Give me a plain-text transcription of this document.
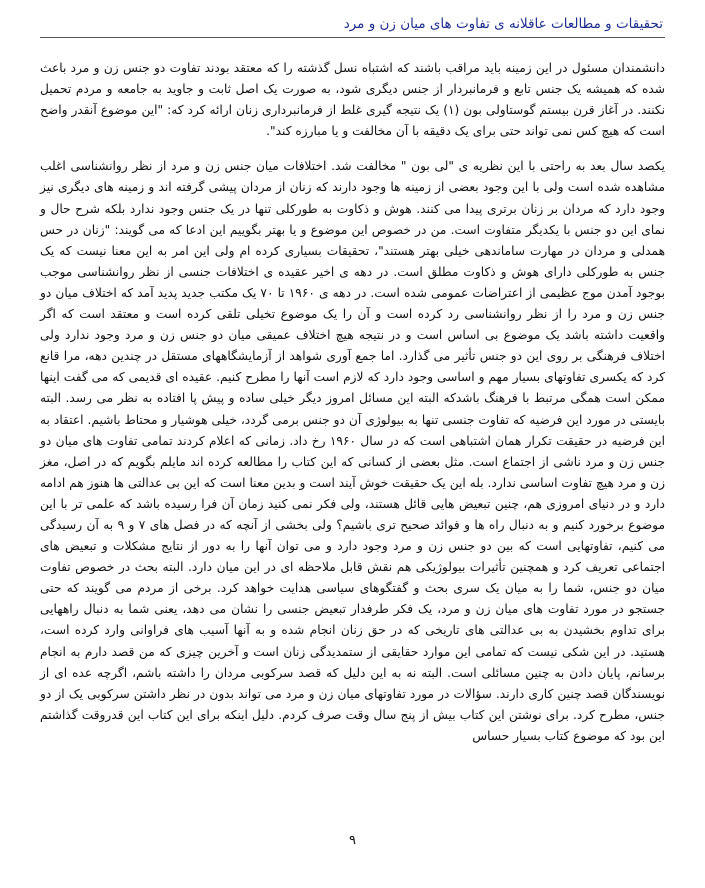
تحقیقات و مطالعات عاقلانه ی تفاوت های میان زن و مرد

دانشمندان مسئول در این زمینه باید مراقب باشند که اشتباه نسل گذشته را که معتقد بودند تفاوت دو جنس زن و مرد باعث شده که همیشه یک جنس تابع و فرمانبردار از جنس دیگری شود، به صورت یک اصل ثابت و جاوید به جامعه و مردم تحمیل نکنند. در آغاز قرن بیستم گوستاولی بون (۱) یک نتیجه گیری غلط از فرمانبرداری زنان ارائه کرد که: "این موضوع آنقدر واضح است که هیچ کس نمی تواند حتی برای یک دقیقه با آن مخالفت و یا مبارزه کند".

یکصد سال بعد به راحتی با این نظریه ی "لی بون " مخالفت شد. اختلافات میان جنس زن و مرد از نظر روانشناسی اغلب مشاهده شده است ولی با این وجود بعضی از زمینه ها وجود دارند که زنان از مردان پیشی گرفته اند و زمینه های دیگری نیز وجود دارد که مردان بر زنان برتری پیدا می کنند. هوش و ذکاوت به طورکلی تنها در یک جنس وجود ندارد بلکه شرح حال و نمای این دو جنس با یکدیگر متفاوت است. من در خصوص این موضوع و یا بهتر بگوییم این ادعا که می گویند: "زنان در حس همدلی و مردان در مهارت ساماندهی خیلی بهتر هستند"، تحقیقات بسیاری کرده ام ولی این امر به این معنا نیست که یک جنس به طورکلی دارای هوش و ذکاوت مطلق است. در دهه ی اخیر عقیده ی اختلافات جنسی از نظر روانشناسی موجب بوجود آمدن موج عظیمی از اعتراضات عمومی شده است. در دهه ی ۱۹۶۰ تا ۷۰ یک مکتب جدید پدید آمد که اختلاف میان دو جنس زن و مرد را از نظر روانشناسی رد کرده است و آن را یک موضوع تخیلی تلقی کرده است و معتقد است که اگر واقعیت داشته باشد یک موضوع بی اساس است و در نتیجه هیچ اختلاف عمیقی میان دو جنس زن و مرد وجود ندارد ولی اختلاف فرهنگی بر روی این دو جنس تأثیر می گذارد. اما جمع آوری شواهد از آزمایشگاههای مستقل در چندین دهه، مرا قانع کرد که یکسری تفاوتهای بسیار مهم و اساسی وجود دارد که لازم است آنها را مطرح کنیم. عقیده ای قدیمی که می گفت اینها ممکن است همگی مرتبط با فرهنگ باشدکه البته این مسائل امروز دیگر خیلی ساده و پیش پا افتاده به نظر می رسد. البته بایستی در مورد این فرضیه که تفاوت جنسی تنها به بیولوژی آن دو جنس برمی گردد، خیلی هوشیار و محتاط باشیم. اعتقاد به این فرضیه در حقیقت تکرار همان اشتباهی است که در سال ۱۹۶۰ رخ داد. زمانی که اعلام کردند تمامی تفاوت های میان دو جنس زن و مرد ناشی از اجتماع است. مثل بعضی از کسانی که این کتاب را مطالعه کرده اند مایلم بگویم که در اصل، مغز زن و مرد هیچ تفاوت اساسی ندارد. بله این یک حقیقت خوش آیند است و بدین معنا است که این بی عدالتی ها هنوز هم ادامه دارد و در دنیای امروزی هم، چنین تبعیض هایی قائل هستند، ولی فکر نمی کنید زمان آن فرا رسیده باشد که علمی تر با این موضوع برخورد کنیم و به دنبال راه ها و فوائد صحیح تری باشیم؟ ولی بخشی از آنچه که در فصل های ۷ و ۹ به آن رسیدگی می کنیم، تفاوتهایی است که بین دو جنس زن و مرد وجود دارد و می توان آنها را به دور از نتایج مشکلات و تبعیض های اجتماعی تعریف کرد و همچنین تأثیرات بیولوژیکی هم نقش قابل ملاحظه ای در این میان دارد. البته بحث در خصوص تفاوت میان دو جنس، شما را به میان یک سری بحث و گفتگوهای سیاسی هدایت خواهد کرد. برخی از مردم می گویند که حتی جستجو در مورد تفاوت های میان زن و مرد، یک فکر طرفدار تبعیض جنسی را نشان می دهد، یعنی شما به دنبال راههایی برای تداوم بخشیدن به بی عدالتی های تاریخی که در حق زنان انجام شده و به آنها آسیب های فراوانی وارد کرده است، هستید. در این شکی نیست که تمامی این موارد حقایقی از ستمدیدگی زنان است و آخرین چیزی که من قصد دارم به انجام برسانم، پایان دادن به چنین مسائلی است. البته نه به این دلیل که قصد سرکوبی مردان را داشته باشم، اگرچه عده ای از نویسندگان قصد چنین کاری دارند. سؤالات در مورد تفاوتهای میان زن و مرد می تواند بدون در نظر داشتن سرکوبی یک از دو جنس، مطرح کرد. برای نوشتن این کتاب بیش از پنج سال وقت صرف کردم. دلیل اینکه برای این کتاب این قدروقت گذاشتم این بود که موضوع کتاب بسیار حساس

۹
